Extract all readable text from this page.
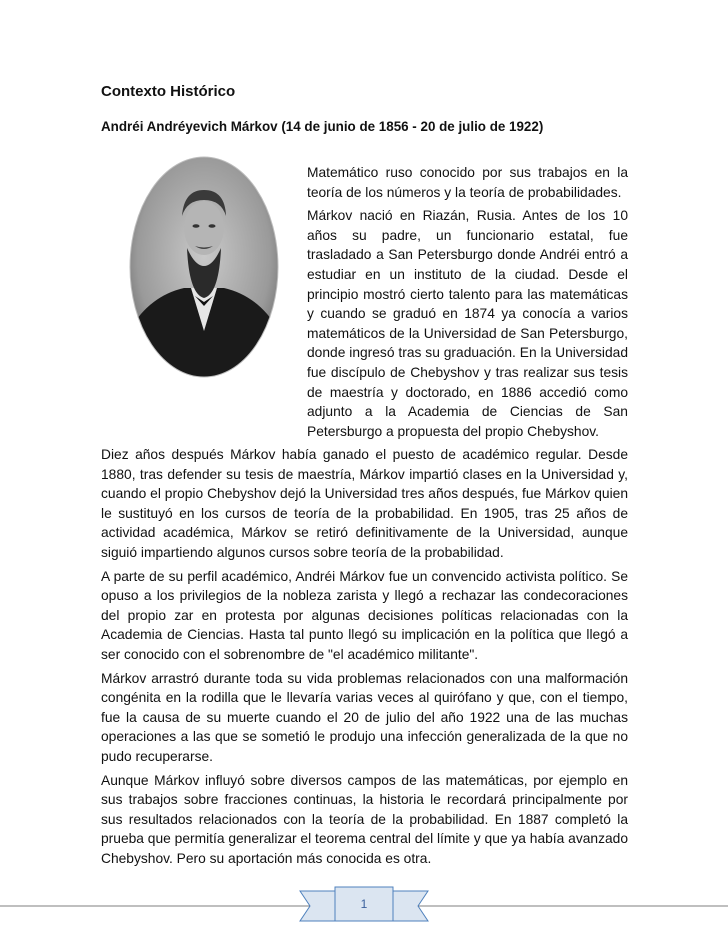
Contexto Histórico
Andréi Andréyevich Márkov (14 de junio de 1856 - 20 de julio de 1922)

Matemático ruso conocido por sus trabajos en la teoría de los números y la teoría de probabilidades.

Márkov nació en Riazán, Rusia. Antes de los 10 años su padre, un funcionario estatal, fue trasladado a San Petersburgo donde Andréi entró a estudiar en un instituto de la ciudad. Desde el principio mostró cierto talento para las matemáticas y cuando se graduó en 1874 ya conocía a varios matemáticos de la Universidad de San Petersburgo, donde ingresó tras su graduación. En la Universidad fue discípulo de Chebyshov y tras realizar sus tesis de maestría y doctorado, en 1886 accedió como adjunto a la Academia de Ciencias de San Petersburgo a propuesta del propio Chebyshov.

Diez años después Márkov había ganado el puesto de académico regular. Desde 1880, tras defender su tesis de maestría, Márkov impartió clases en la Universidad y, cuando el propio Chebyshov dejó la Universidad tres años después, fue Márkov quien le sustituyó en los cursos de teoría de la probabilidad. En 1905, tras 25 años de actividad académica, Márkov se retiró definitivamente de la Universidad, aunque siguió impartiendo algunos cursos sobre teoría de la probabilidad.

A parte de su perfil académico, Andréi Márkov fue un convencido activista político. Se opuso a los privilegios de la nobleza zarista y llegó a rechazar las condecoraciones del propio zar en protesta por algunas decisiones políticas relacionadas con la Academia de Ciencias. Hasta tal punto llegó su implicación en la política que llegó a ser conocido con el sobrenombre de "el académico militante".

Márkov arrastró durante toda su vida problemas relacionados con una malformación congénita en la rodilla que le llevaría varias veces al quirófano y que, con el tiempo, fue la causa de su muerte cuando el 20 de julio del año 1922 una de las muchas operaciones a las que se sometió le produjo una infección generalizada de la que no pudo recuperarse.

Aunque Márkov influyó sobre diversos campos de las matemáticas, por ejemplo en sus trabajos sobre fracciones continuas, la historia le recordará principalmente por sus resultados relacionados con la teoría de la probabilidad. En 1887 completó la prueba que permitía generalizar el teorema central del límite y que ya había avanzado Chebyshov. Pero su aportación más conocida es otra.

1
